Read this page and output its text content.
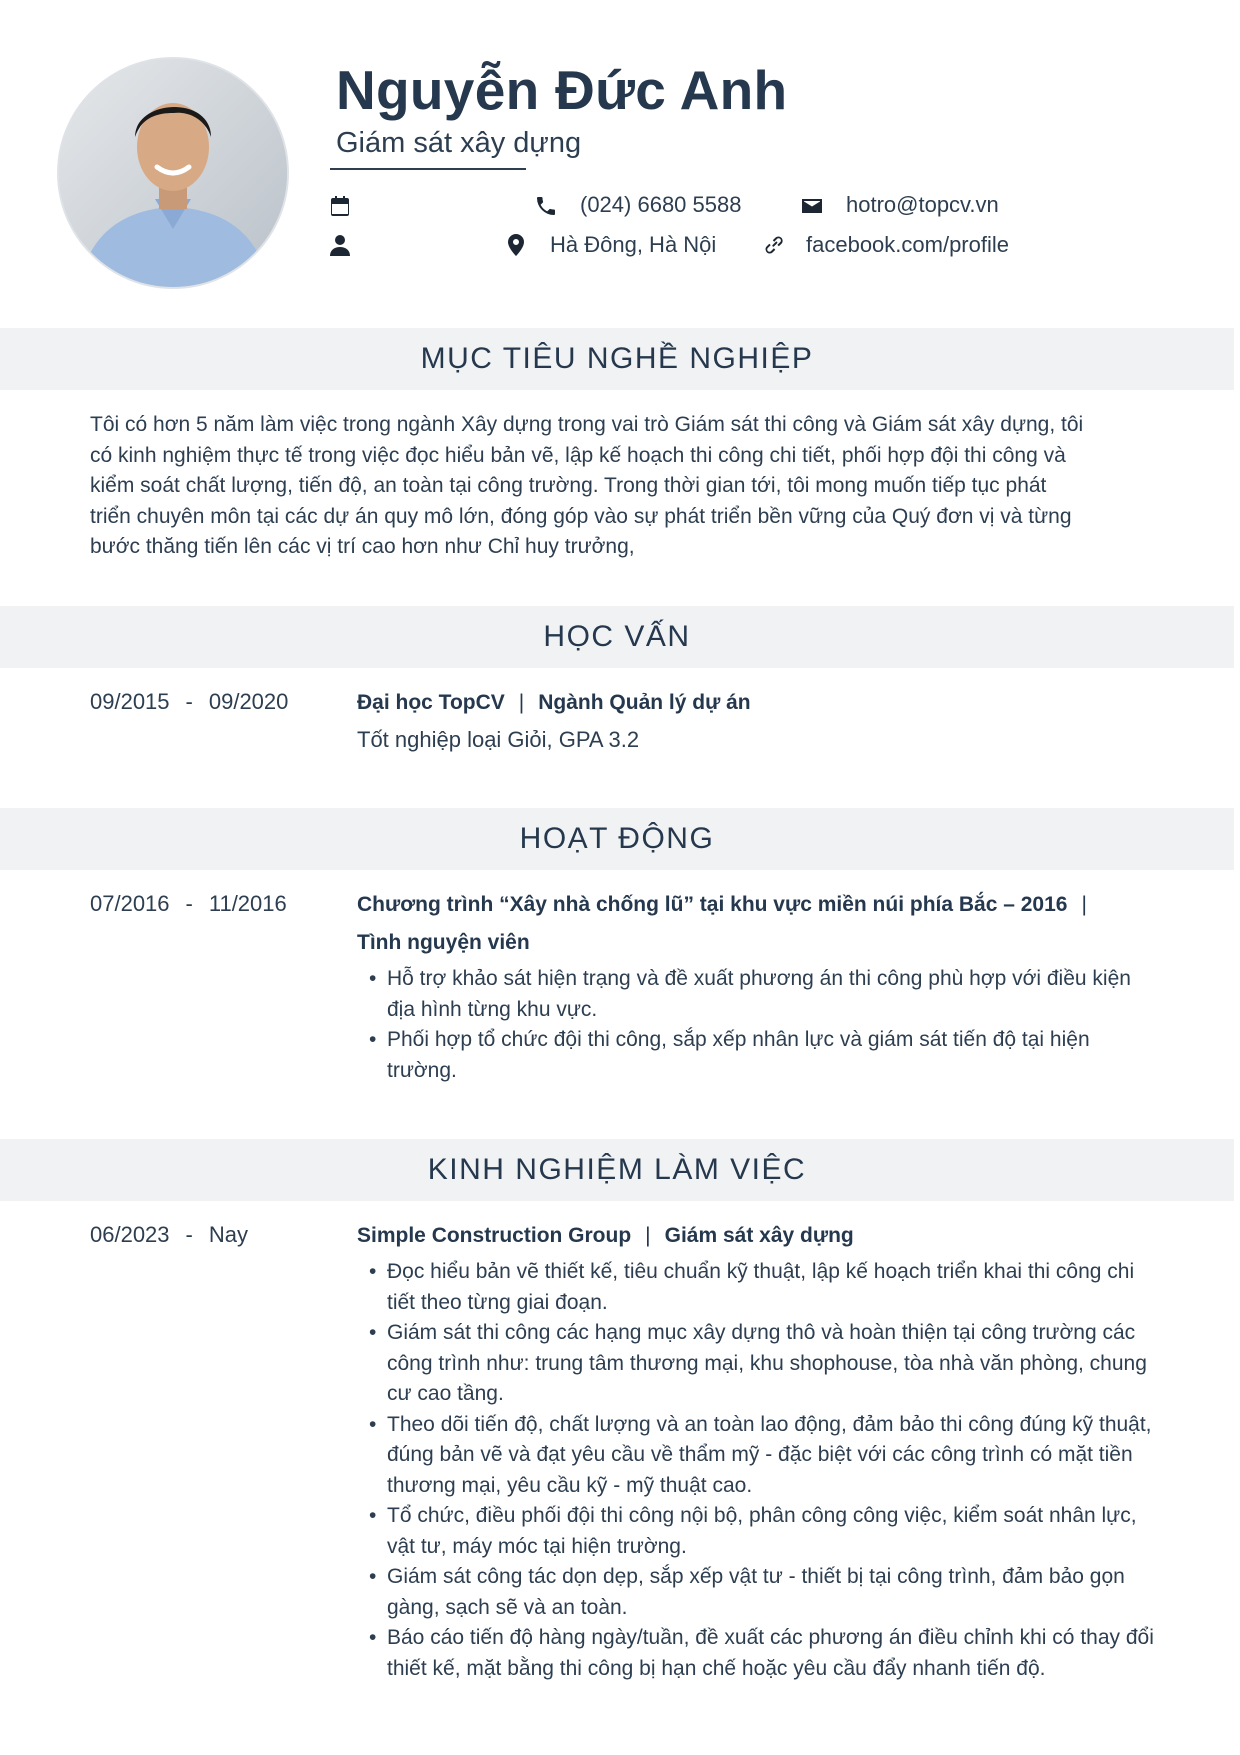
Nguyễn Đức Anh
Giám sát xây dựng
(024) 6680 5588	hotro@topcv.vn
Hà Đông, Hà Nội	facebook.com/profile
MỤC TIÊU NGHỀ NGHIỆP
Tôi có hơn 5 năm làm việc trong ngành Xây dựng trong vai trò Giám sát thi công và Giám sát xây dựng, tôi
có kinh nghiệm thực tế trong việc đọc hiểu bản vẽ, lập kế hoạch thi công chi tiết, phối hợp đội thi công và
kiểm soát chất lượng, tiến độ, an toàn tại công trường. Trong thời gian tới, tôi mong muốn tiếp tục phát
triển chuyên môn tại các dự án quy mô lớn, đóng góp vào sự phát triển bền vững của Quý đơn vị và từng
bước thăng tiến lên các vị trí cao hơn như Chỉ huy trưởng,
HỌC VẤN
09/2015 - 09/2020	Đại học TopCV | Ngành Quản lý dự án
Tốt nghiệp loại Giỏi, GPA 3.2
HOẠT ĐỘNG
07/2016 - 11/2016	Chương trình “Xây nhà chống lũ” tại khu vực miền núi phía Bắc – 2016 |
Tình nguyện viên
• Hỗ trợ khảo sát hiện trạng và đề xuất phương án thi công phù hợp với điều kiện địa hình từng khu vực.
• Phối hợp tổ chức đội thi công, sắp xếp nhân lực và giám sát tiến độ tại hiện trường.
KINH NGHIỆM LÀM VIỆC
06/2023 - Nay	Simple Construction Group | Giám sát xây dựng
• Đọc hiểu bản vẽ thiết kế, tiêu chuẩn kỹ thuật, lập kế hoạch triển khai thi công chi tiết theo từng giai đoạn.
• Giám sát thi công các hạng mục xây dựng thô và hoàn thiện tại công trường các công trình như: trung tâm thương mại, khu shophouse, tòa nhà văn phòng, chung cư cao tầng.
• Theo dõi tiến độ, chất lượng và an toàn lao động, đảm bảo thi công đúng kỹ thuật, đúng bản vẽ và đạt yêu cầu về thẩm mỹ - đặc biệt với các công trình có mặt tiền thương mại, yêu cầu kỹ - mỹ thuật cao.
• Tổ chức, điều phối đội thi công nội bộ, phân công công việc, kiểm soát nhân lực, vật tư, máy móc tại hiện trường.
• Giám sát công tác dọn dẹp, sắp xếp vật tư - thiết bị tại công trình, đảm bảo gọn gàng, sạch sẽ và an toàn.
• Báo cáo tiến độ hàng ngày/tuần, đề xuất các phương án điều chỉnh khi có thay đổi thiết kế, mặt bằng thi công bị hạn chế hoặc yêu cầu đẩy nhanh tiến độ.
